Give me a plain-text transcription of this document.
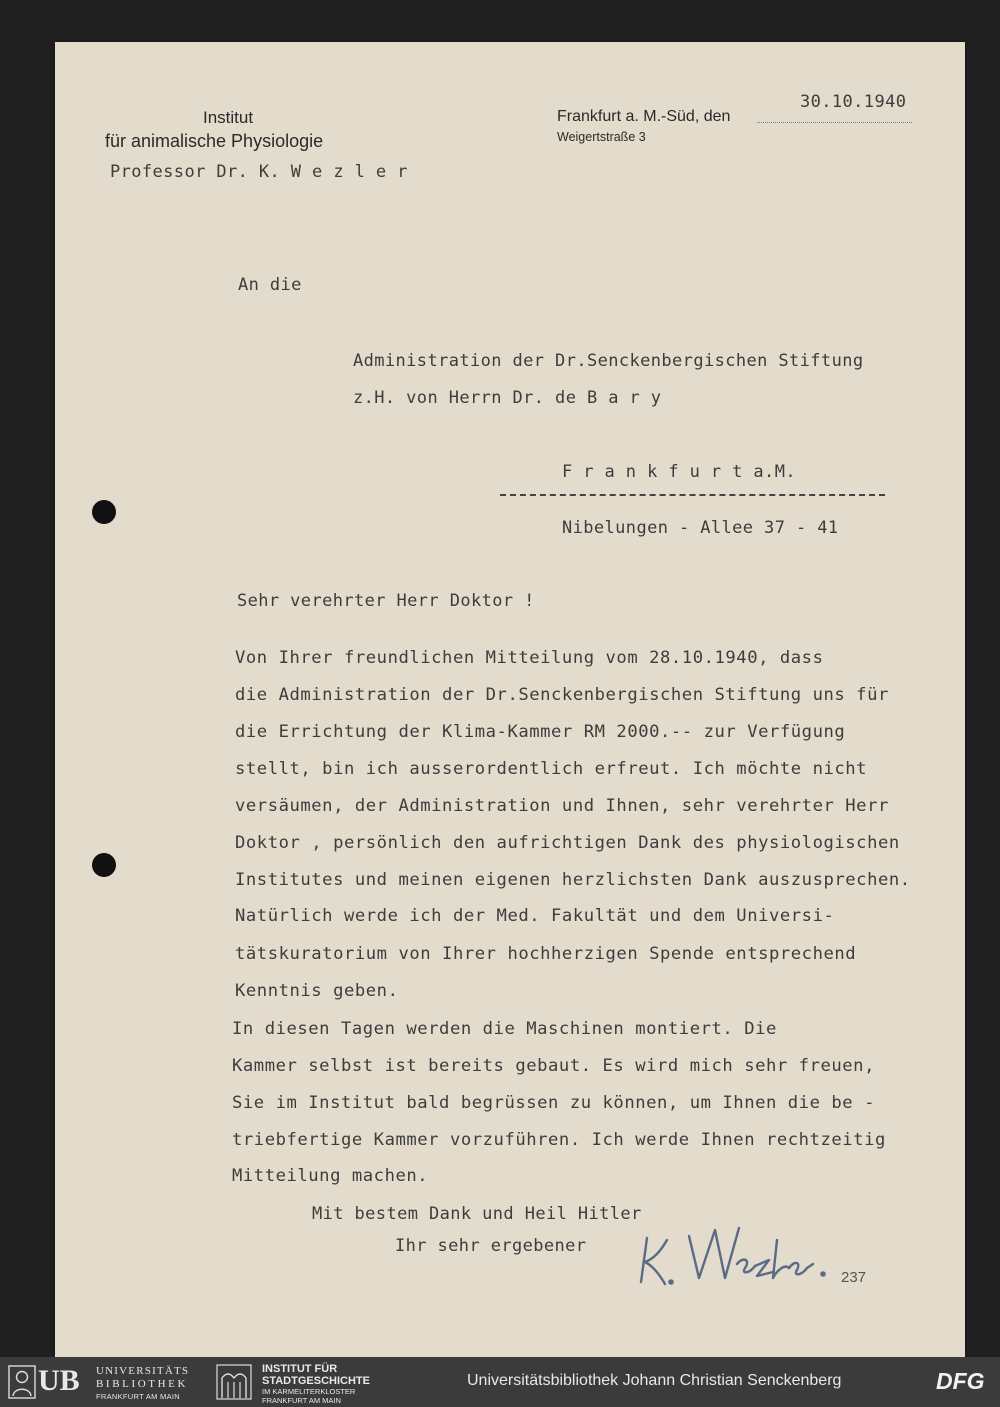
Institut
für animalische Physiologie
Professor Dr. K. W e z l e r
Frankfurt a. M.-Süd, den
Weigertstraße 3
30.10.1940
An die
Administration der Dr.Senckenbergischen Stiftung
z.H. von Herrn Dr. de B a r y
F r a n k f u r t a.M.
Nibelungen - Allee 37 - 41
Sehr verehrter Herr Doktor !
Von Ihrer freundlichen Mitteilung vom 28.10.1940, dass
die Administration der Dr.Senckenbergischen Stiftung uns für
die Errichtung der Klima-Kammer RM 2000.-- zur Verfügung
stellt, bin ich ausserordentlich erfreut. Ich möchte nicht
versäumen, der Administration und Ihnen, sehr verehrter Herr
Doktor , persönlich den aufrichtigen Dank des physiologischen
Institutes und meinen eigenen herzlichsten Dank auszusprechen.
Natürlich werde ich der Med. Fakultät und dem Universi-
tätskuratorium von Ihrer hochherzigen Spende entsprechend
Kenntnis geben.
In diesen Tagen werden die Maschinen montiert. Die
Kammer selbst ist bereits gebaut. Es wird mich sehr freuen,
Sie im Institut bald begrüssen zu können, um Ihnen die be -
triebfertige Kammer vorzuführen. Ich werde Ihnen rechtzeitig
Mitteilung machen.
Mit bestem Dank und Heil Hitler
Ihr sehr ergebener
237
UB UNIVERSITÄTS
BIBLIOTHEK
FRANKFURT AM MAIN
INSTITUT FÜR
STADTGESCHICHTE
IM KARMELITERKLOSTER
FRANKFURT AM MAIN
Universitätsbibliothek Johann Christian Senckenberg	DFG
